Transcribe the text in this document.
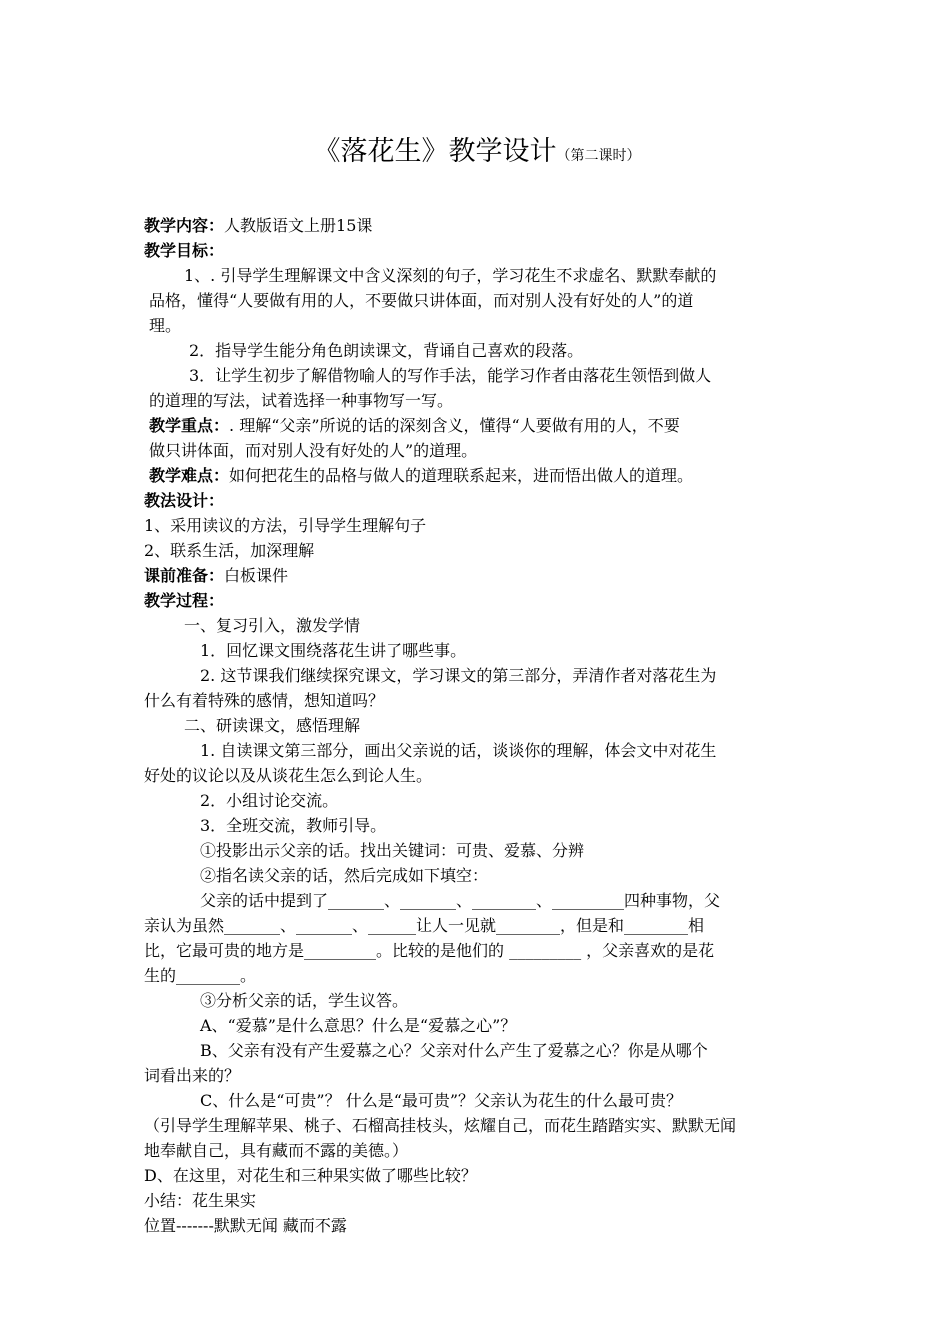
《落花生》教学设计（第二课时）

教学内容：人教版语文上册15课

教学目标：

1、. 引导学生理解课文中含义深刻的句子，学习花生不求虚名、默默奉献的

品格，懂得“人要做有用的人，不要做只讲体面，而对别人没有好处的人”的道

理。

2．指导学生能分角色朗读课文，背诵自己喜欢的段落。

3．让学生初步了解借物喻人的写作手法，能学习作者由落花生领悟到做人

的道理的写法，试着选择一种事物写一写。

教学重点：. 理解“父亲”所说的话的深刻含义，懂得“人要做有用的人，不要

做只讲体面，而对别人没有好处的人”的道理。

教学难点：如何把花生的品格与做人的道理联系起来，进而悟出做人的道理。

教法设计：

1、采用读议的方法，引导学生理解句子

2、联系生活，加深理解

课前准备：白板课件

教学过程：

一、复习引入，激发学情

1．回忆课文围绕落花生讲了哪些事。

2. 这节课我们继续探究课文，学习课文的第三部分，弄清作者对落花生为

什么有着特殊的感情，想知道吗？

二、研读课文，感悟理解

1. 自读课文第三部分，画出父亲说的话，谈谈你的理解，体会文中对花生

好处的议论以及从谈花生怎么到论人生。

2．小组讨论交流。

3．全班交流，教师引导。

①投影出示父亲的话。找出关键词：可贵、爱慕、分辨

②指名读父亲的话，然后完成如下填空：

父亲的话中提到了_______、_______、________、_________四种事物，父

亲认为虽然_______、_______、______让人一见就________，但是和________相

比，它最可贵的地方是_________。比较的是他们的 _________ ，父亲喜欢的是花

生的________。

③分析父亲的话，学生议答。

A、“爱慕”是什么意思？什么是“爱慕之心”？

B、父亲有没有产生爱慕之心？父亲对什么产生了爱慕之心？你是从哪个

词看出来的？

C、什么是“可贵”？ 什么是“最可贵”？父亲认为花生的什么最可贵？

（引导学生理解苹果、桃子、石榴高挂枝头，炫耀自己，而花生踏踏实实、默默无闻

地奉献自己，具有藏而不露的美德。）

D、在这里，对花生和三种果实做了哪些比较？

小结：花生果实

位置-------默默无闻 藏而不露
